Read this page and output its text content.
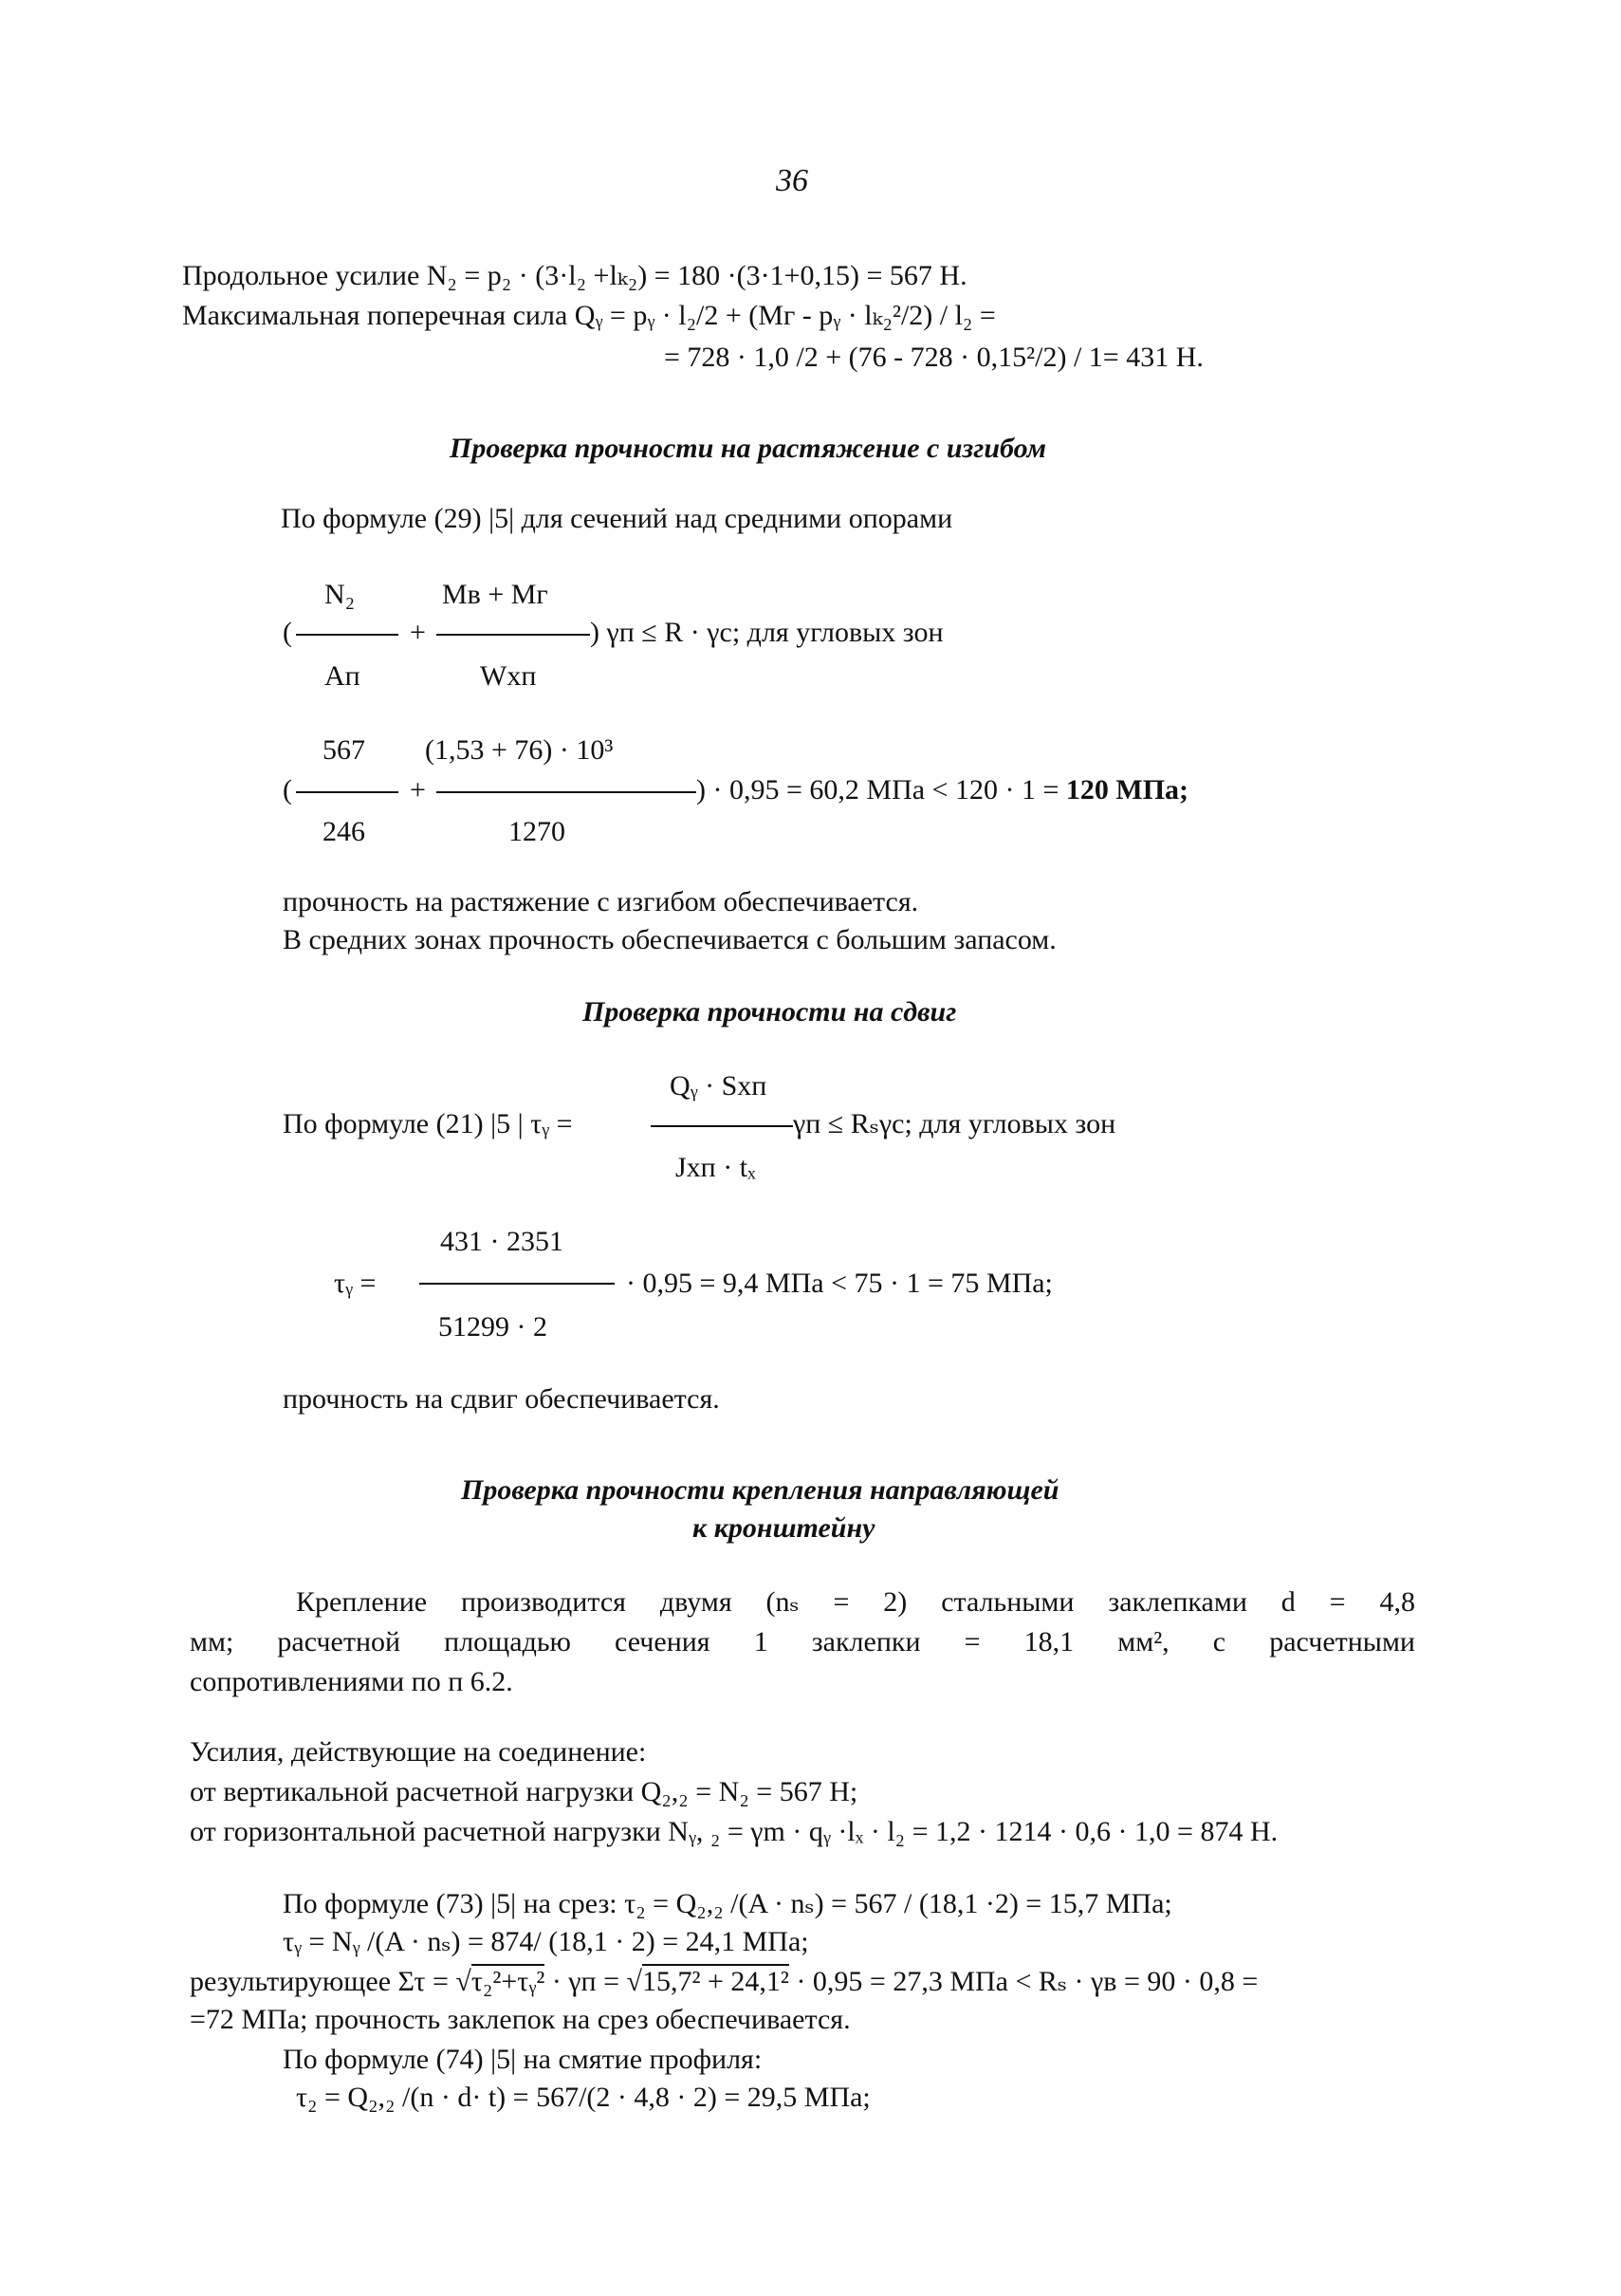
36
Продольное усилие N₂ = p₂ · (3·l₂ +lₖ₂) = 180 ·(3·1+0,15) = 567 Н.
Максимальная поперечная сила Qᵧ = pᵧ · l₂/2 + (Mг - pᵧ · lₖ₂²/2) / l₂ =
= 728 · 1,0 /2 + (76 - 728 · 0,15²/2) / 1= 431 Н.
Проверка прочности на растяжение с изгибом
По формуле (29) |5| для сечений над средними опорами
N₂	Mв + Mг
(	+	) γп ≤ R · γc; для угловых зон
Aп	Wхп
567 (1,53 + 76) · 10³
(	+	) · 0,95 = 60,2 МПа < 120 · 1 = 120 МПа;
246	1270
прочность на растяжение с изгибом обеспечивается.
В средних зонах прочность обеспечивается с большим запасом.
Проверка прочности на сдвиг
Qᵧ · Sхп
По формуле (21) |5 | τᵧ =	γп ≤ Rₛγc; для угловых зон
Jхп · tₓ
431 · 2351
τᵧ =	· 0,95 = 9,4 МПа < 75 · 1 = 75 МПа;
51299 · 2
прочность на сдвиг обеспечивается.
Проверка прочности крепления направляющей
к кронштейну
Крепление производится двумя (nₛ = 2) стальными заклепками d = 4,8
мм; расчетной площадью сечения 1 заклепки = 18,1 мм², с расчетными
сопротивлениями по п 6.2.
Усилия, действующие на соединение:
от вертикальной расчетной нагрузки Q₂,₂ = N₂ = 567 Н;
от горизонтальной расчетной нагрузки Nᵧ, ₂ = γm · qᵧ ·lₓ · l₂ = 1,2 · 1214 · 0,6 · 1,0 = 874 Н.
По формуле (73) |5| на срез: τ₂ = Q₂,₂ /(A · nₛ) = 567 / (18,1 ·2) = 15,7 МПа;
τᵧ = Nᵧ /(A · nₛ) = 874/ (18,1 · 2) = 24,1 МПа;
результирующее Στ = √τ₂²+τᵧ² · γп = √15,7² + 24,1² · 0,95 = 27,3 МПа < Rₛ · γв = 90 · 0,8 =
=72 МПа; прочность заклепок на срез обеспечивается.
По формуле (74) |5| на смятие профиля:
τ₂ = Q₂,₂ /(n · d· t) = 567/(2 · 4,8 · 2) = 29,5 МПа;
